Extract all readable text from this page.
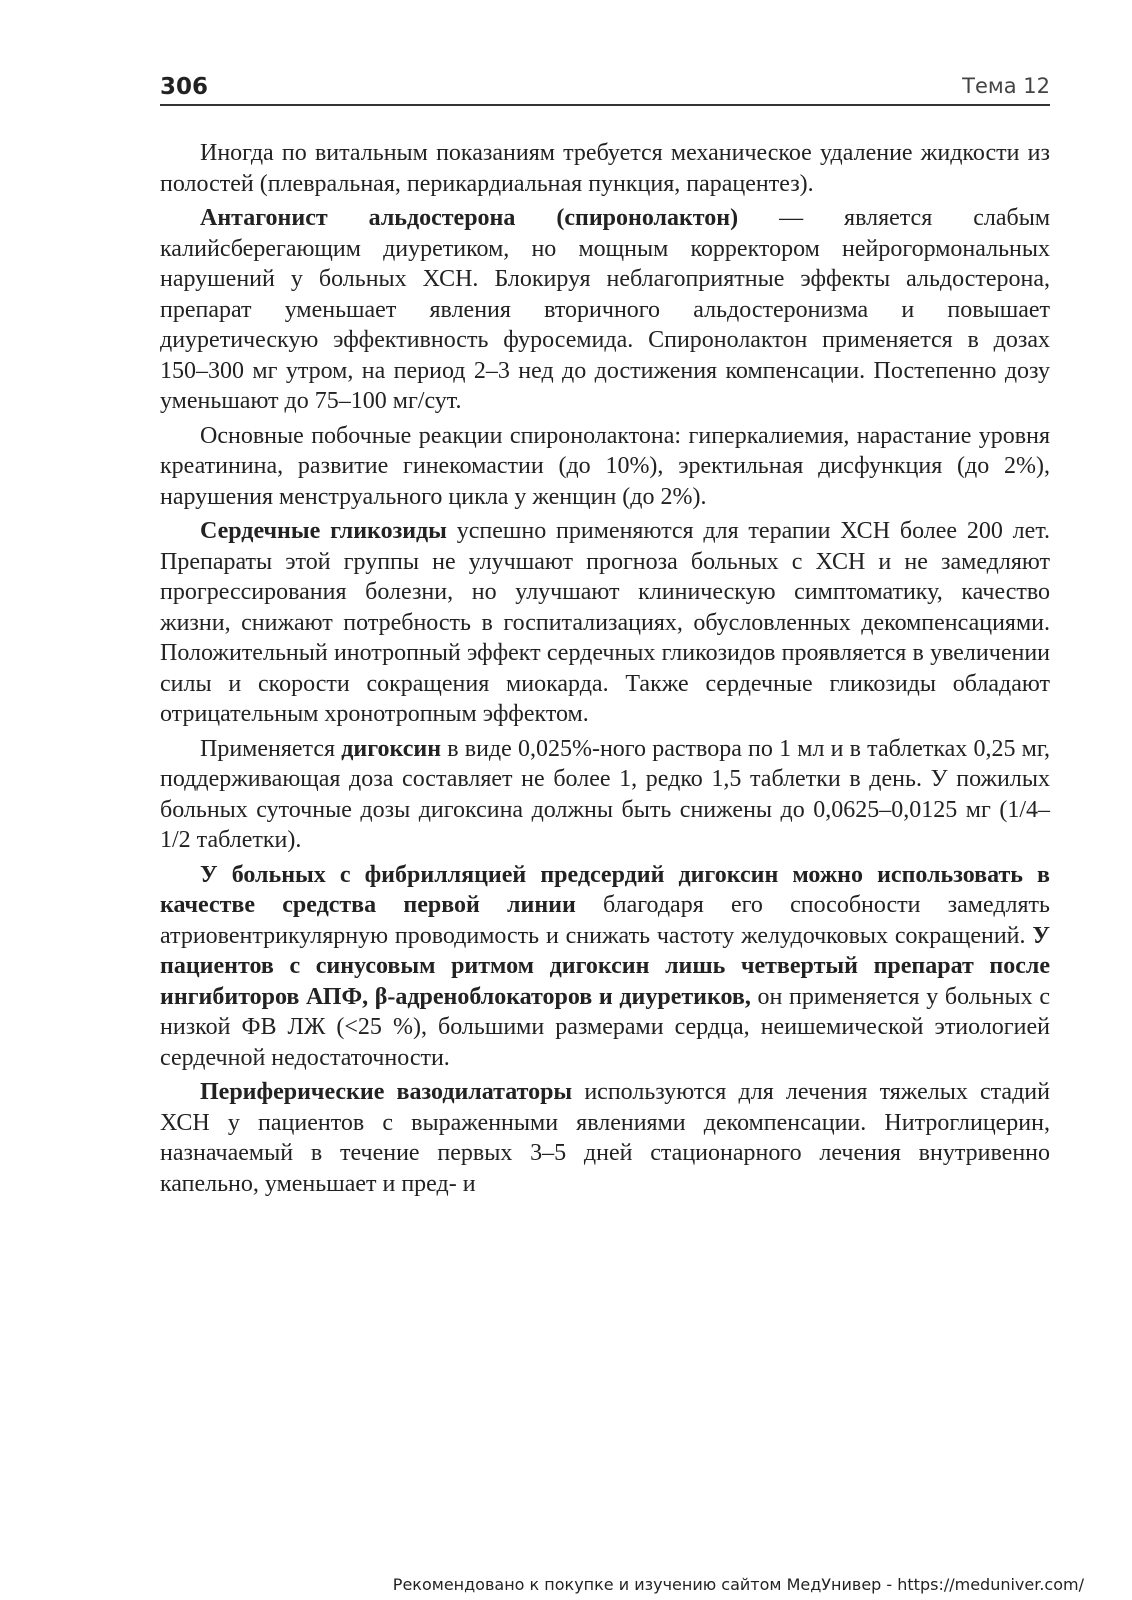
306	Тема 12

Иногда по витальным показаниям требуется механическое удаление жидкости из полостей (плевральная, перикардиальная пункция, парацентез).

Антагонист альдостерона (спиронолактон) — является слабым калийсберегающим диуретиком, но мощным корректором нейрогормональных нарушений у больных ХСН. Блокируя неблагоприятные эффекты альдостерона, препарат уменьшает явления вторичного альдостеронизма и повышает диуретическую эффективность фуросемида. Спиронолактон применяется в дозах 150–300 мг утром, на период 2–3 нед до достижения компенсации. Постепенно дозу уменьшают до 75–100 мг/сут.

Основные побочные реакции спиронолактона: гиперкалиемия, нарастание уровня креатинина, развитие гинекомастии (до 10%), эректильная дисфункция (до 2%), нарушения менструального цикла у женщин (до 2%).

Сердечные гликозиды успешно применяются для терапии ХСН более 200 лет. Препараты этой группы не улучшают прогноза больных с ХСН и не замедляют прогрессирования болезни, но улучшают клиническую симптоматику, качество жизни, снижают потребность в госпитализациях, обусловленных декомпенсациями. Положительный инотропный эффект сердечных гликозидов проявляется в увеличении силы и скорости сокращения миокарда. Также сердечные гликозиды обладают отрицательным хронотропным эффектом.

Применяется дигоксин в виде 0,025%-ного раствора по 1 мл и в таблетках 0,25 мг, поддерживающая доза составляет не более 1, редко 1,5 таблетки в день. У пожилых больных суточные дозы дигоксина должны быть снижены до 0,0625–0,0125 мг (1/4–1/2 таблетки).

У больных с фибрилляцией предсердий дигоксин можно использовать в качестве средства первой линии благодаря его способности замедлять атриовентрикулярную проводимость и снижать частоту желудочковых сокращений. У пациентов с синусовым ритмом дигоксин лишь четвертый препарат после ингибиторов АПФ, β-адреноблокаторов и диуретиков, он применяется у больных с низкой ФВ ЛЖ (<25 %), большими размерами сердца, неишемической этиологией сердечной недостаточности.

Периферические вазодилататоры используются для лечения тяжелых стадий ХСН у пациентов с выраженными явлениями декомпенсации. Нитроглицерин, назначаемый в течение первых 3–5 дней стационарного лечения внутривенно капельно, уменьшает и пред- и

Рекомендовано к покупке и изучению сайтом МедУнивер - https://meduniver.com/
